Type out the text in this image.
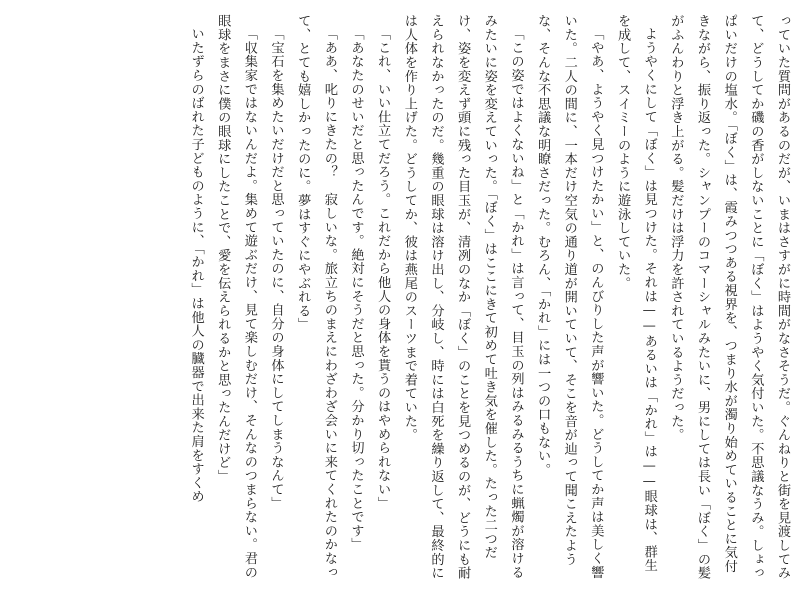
っていた質問があるのだが、いまはさすがに時間がなさそうだ。ぐんねりと街を見渡してみて、どうしてか磯の香がしないことに「ぼく」はようやく気付いた。不思議なうみ。しょっぱいだけの塩水。「ぼく」は、霞みつつある視界を、つまり水が濁り始めていることに気付きながら、振り返った。シャンプーのコマーシャルみたいに、男にしては長い「ぼく」の髪がふんわりと浮き上がる。髪だけは浮力を許されているようだった。

ようやくにして「ぼく」は見つけた。それは——あるいは「かれ」は——眼球は、群生を成して、スイミーのように遊泳していた。

「やあ、ようやく見つけたかい」と、のんびりした声が響いた。どうしてか声は美しく響いた。二人の間に、一本だけ空気の通り道が開いていて、そこを音が辿って聞こえたような、そんな不思議な明瞭さだった。むろん、「かれ」には一つの口もない。

「この姿ではよくないね」と「かれ」は言って、目玉の列はみるみるうちに蝋燭が溶けるみたいに姿を変えていった。「ぼく」はここにきて初めて吐き気を催した。たった二つだけ、姿を変えず頭に残った目玉が、清冽のなか「ぼく」のことを見つめるのが、どうにも耐えられなかったのだ。幾重の眼球は溶け出し、分岐し、時には白死を繰り返して、最終的には人体を作り上げた。どうしてか、彼は燕尾のスーツまで着ていた。

「これ、いい仕立てだろう。これだから他人の身体を貰うのはやめられない」

「あなたのせいだと思ったんです。絶対にそうだと思った。分かり切ったことです」

「ああ、叱りにきたの？　寂しいな。旅立ちのまえにわざわざ会いに来てくれたのかなって、とても嬉しかったのに。夢はすぐにやぶれる」

「宝石を集めたいだけだと思っていたのに、自分の身体にしてしまうなんて」

「収集家ではないんだよ。集めて遊ぶだけ、見て楽しむだけ、そんなのつまらない。君の眼球をまさに僕の眼球にしたことで、愛を伝えられるかと思ったんだけど」

いたずらのばれた子どものように、「かれ」は他人の臓器で出来た肩をすくめ
